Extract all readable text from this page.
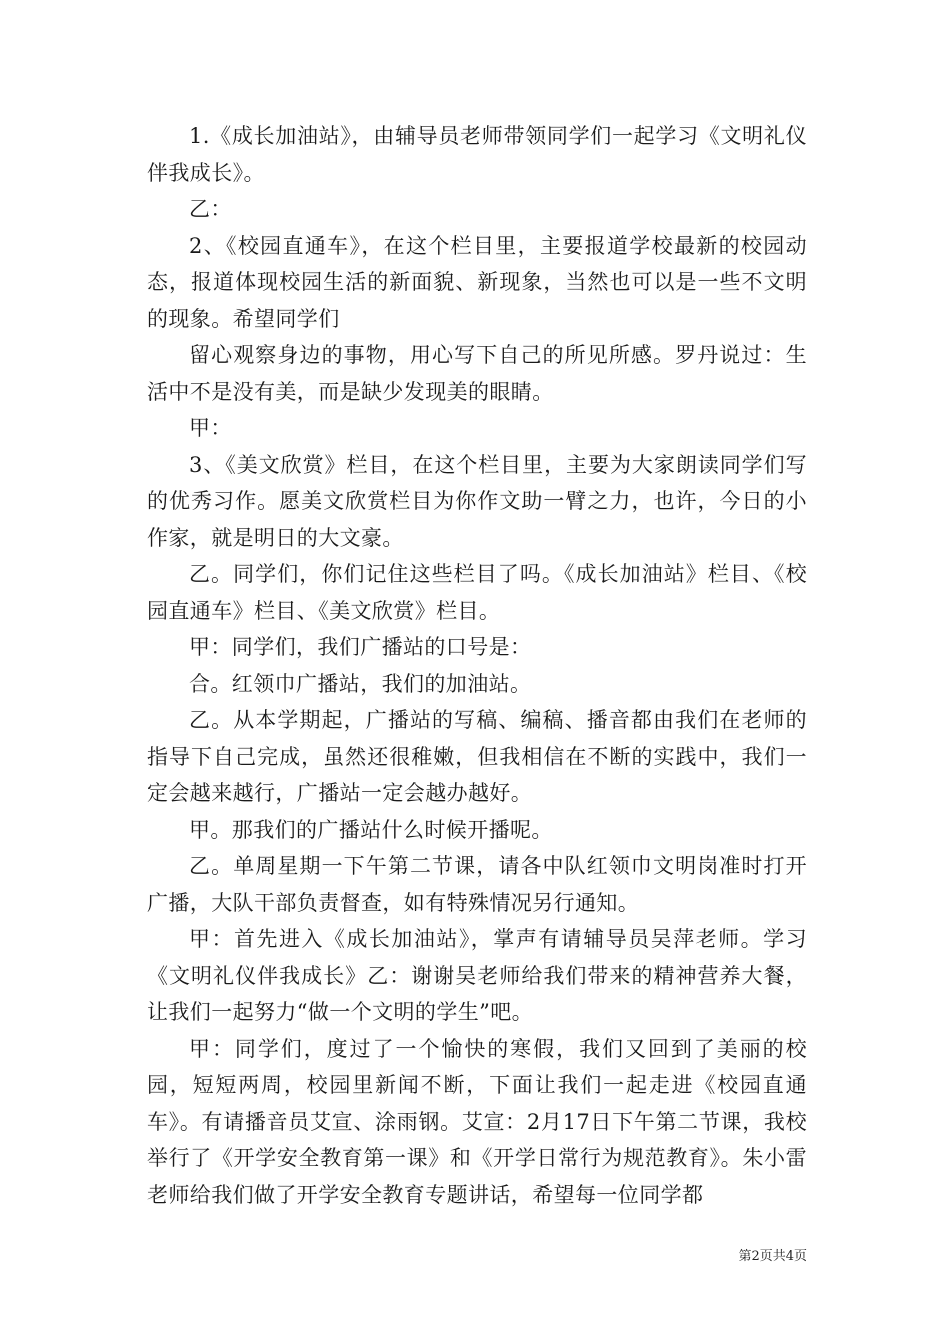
1.《成长加油站》，由辅导员老师带领同学们一起学习《文明礼仪伴我成长》。

乙：

2、《校园直通车》，在这个栏目里，主要报道学校最新的校园动态，报道体现校园生活的新面貌、新现象，当然也可以是一些不文明的现象。希望同学们

留心观察身边的事物，用心写下自己的所见所感。罗丹说过：生活中不是没有美，而是缺少发现美的眼睛。

甲：

3、《美文欣赏》栏目，在这个栏目里，主要为大家朗读同学们写的优秀习作。愿美文欣赏栏目为你作文助一臂之力，也许，今日的小作家，就是明日的大文豪。

乙。同学们，你们记住这些栏目了吗。《成长加油站》栏目、《校园直通车》栏目、《美文欣赏》栏目。

甲：同学们，我们广播站的口号是：

合。红领巾广播站，我们的加油站。

乙。从本学期起，广播站的写稿、编稿、播音都由我们在老师的指导下自己完成，虽然还很稚嫩，但我相信在不断的实践中，我们一定会越来越行，广播站一定会越办越好。

甲。那我们的广播站什么时候开播呢。

乙。单周星期一下午第二节课，请各中队红领巾文明岗准时打开广播，大队干部负责督查，如有特殊情况另行通知。

甲：首先进入《成长加油站》，掌声有请辅导员吴萍老师。学习《文明礼仪伴我成长》乙：谢谢吴老师给我们带来的精神营养大餐，让我们一起努力“做一个文明的学生”吧。

甲：同学们，度过了一个愉快的寒假，我们又回到了美丽的校园，短短两周，校园里新闻不断，下面让我们一起走进《校园直通车》。有请播音员艾宣、涂雨钢。艾宣：2月17日下午第二节课，我校举行了《开学安全教育第一课》和《开学日常行为规范教育》。朱小雷老师给我们做了开学安全教育专题讲话，希望每一位同学都

第2页共4页
